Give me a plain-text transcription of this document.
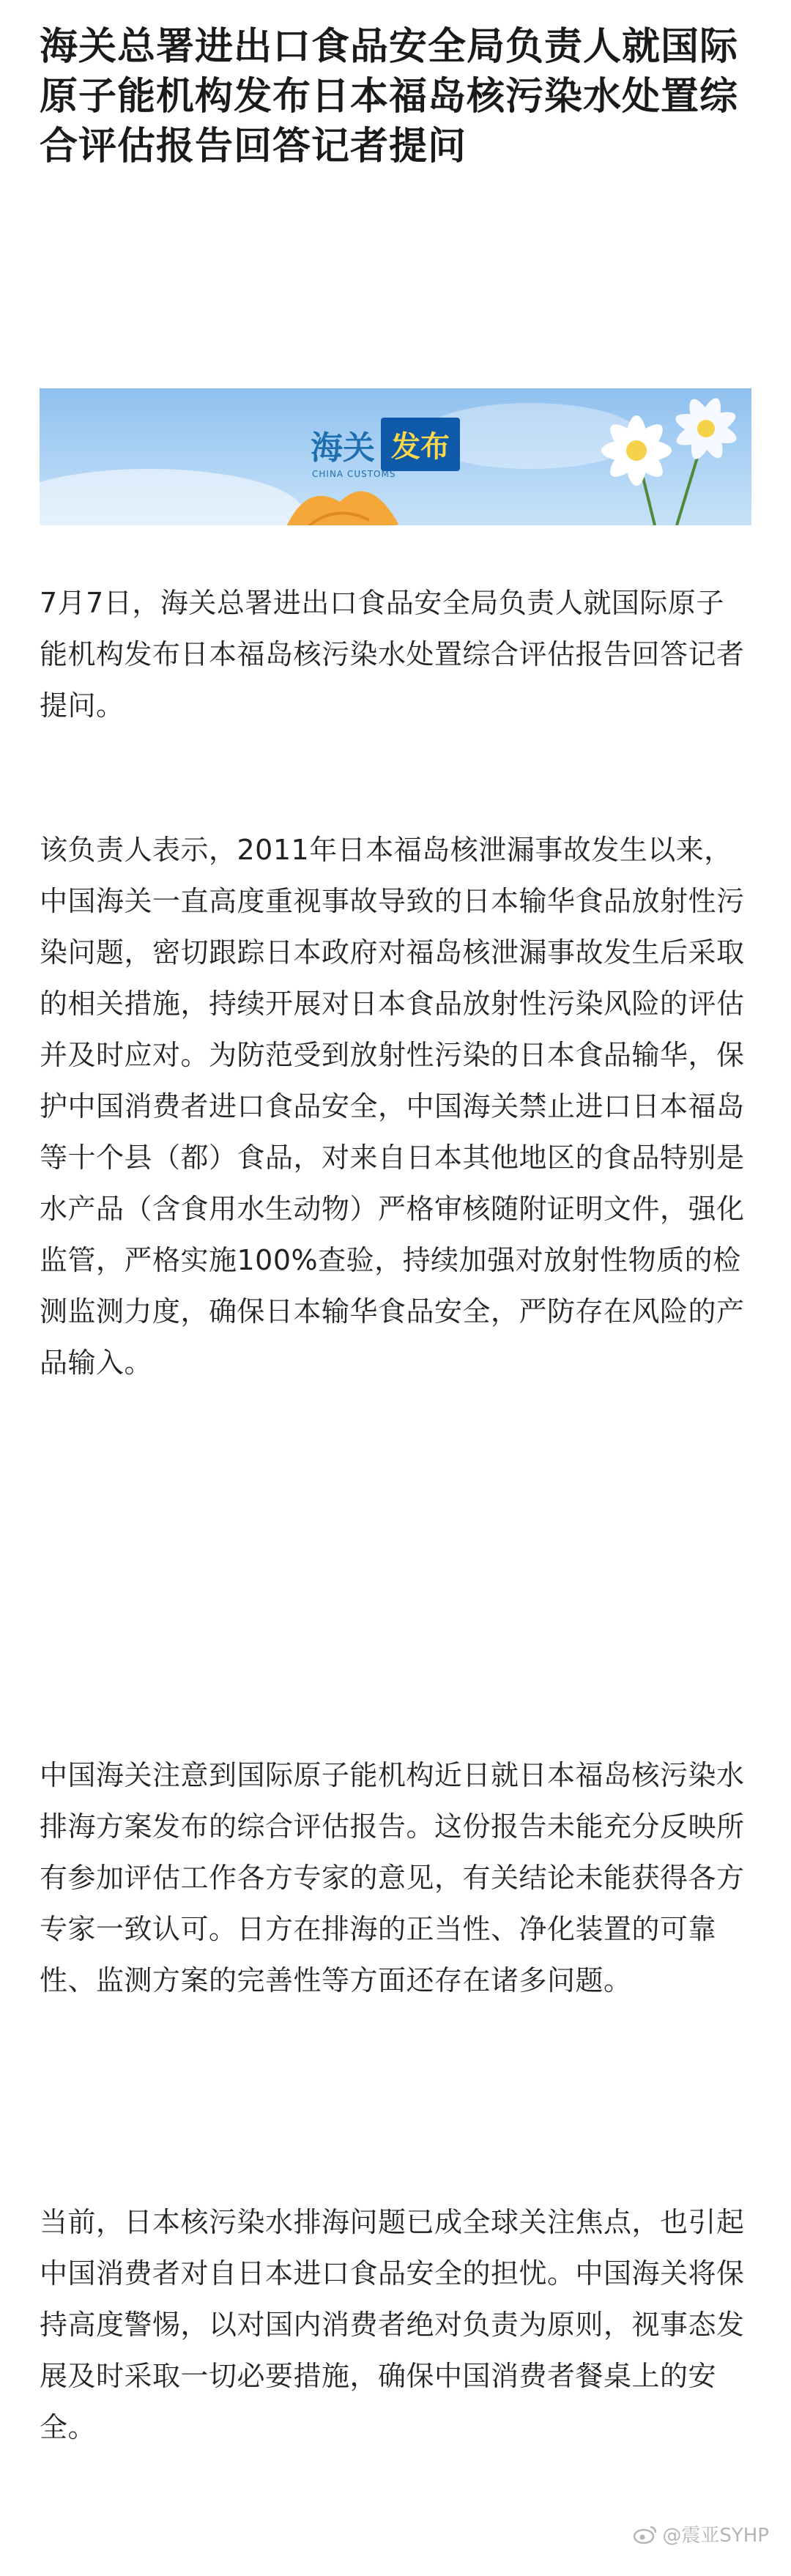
海关总署进出口食品安全局负责人就国际原子能机构发布日本福岛核污染水处置综合评估报告回答记者提问
海关 发布
CHINA CUSTOMS

7月7日，海关总署进出口食品安全局负责人就国际原子能机构发布日本福岛核污染水处置综合评估报告回答记者提问。

该负责人表示，2011年日本福岛核泄漏事故发生以来，中国海关一直高度重视事故导致的日本输华食品放射性污染问题，密切跟踪日本政府对福岛核泄漏事故发生后采取的相关措施，持续开展对日本食品放射性污染风险的评估并及时应对。为防范受到放射性污染的日本食品输华，保护中国消费者进口食品安全，中国海关禁止进口日本福岛等十个县（都）食品，对来自日本其他地区的食品特别是水产品（含食用水生动物）严格审核随附证明文件，强化监管，严格实施100%查验，持续加强对放射性物质的检测监测力度，确保日本输华食品安全，严防存在风险的产品输入。

中国海关注意到国际原子能机构近日就日本福岛核污染水排海方案发布的综合评估报告。这份报告未能充分反映所有参加评估工作各方专家的意见，有关结论未能获得各方专家一致认可。日方在排海的正当性、净化装置的可靠性、监测方案的完善性等方面还存在诸多问题。

当前，日本核污染水排海问题已成全球关注焦点，也引起中国消费者对自日本进口食品安全的担忧。中国海关将保持高度警惕，以对国内消费者绝对负责为原则，视事态发展及时采取一切必要措施，确保中国消费者餐桌上的安全。

@震亚SYHP
